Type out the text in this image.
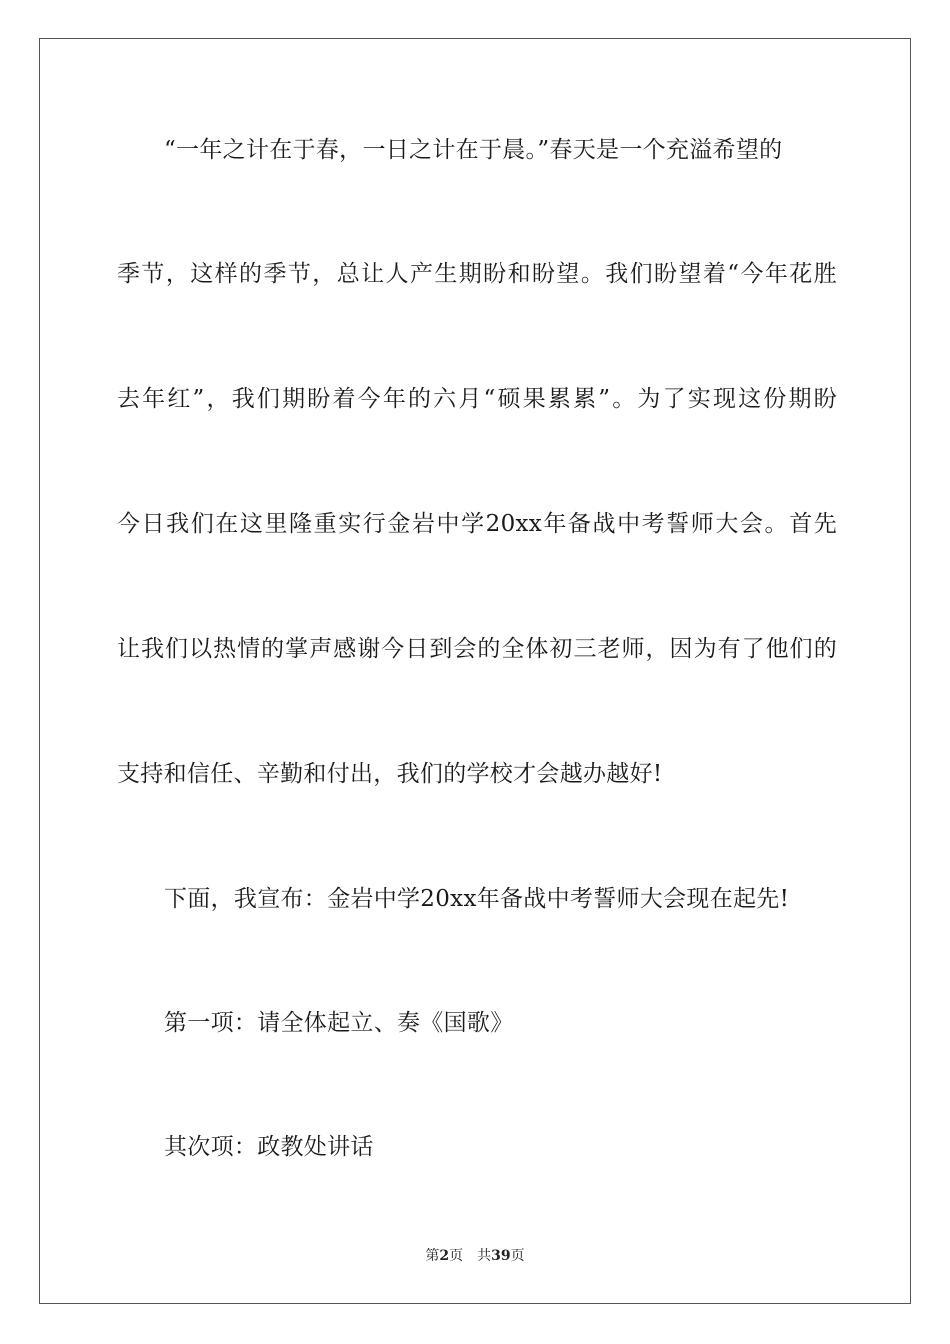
“一年之计在于春，一日之计在于晨。”春天是一个充溢希望的
季节，这样的季节，总让人产生期盼和盼望。我们盼望着“今年花胜
去年红”，我们期盼着今年的六月“硕果累累”。为了实现这份期盼
今日我们在这里隆重实行金岩中学20xx年备战中考誓师大会。首先
让我们以热情的掌声感谢今日到会的全体初三老师，因为有了他们的
支持和信任、辛勤和付出，我们的学校才会越办越好!
下面，我宣布：金岩中学20xx年备战中考誓师大会现在起先!
第一项：请全体起立、奏《国歌》
其次项：政教处讲话
第2页 共39页
